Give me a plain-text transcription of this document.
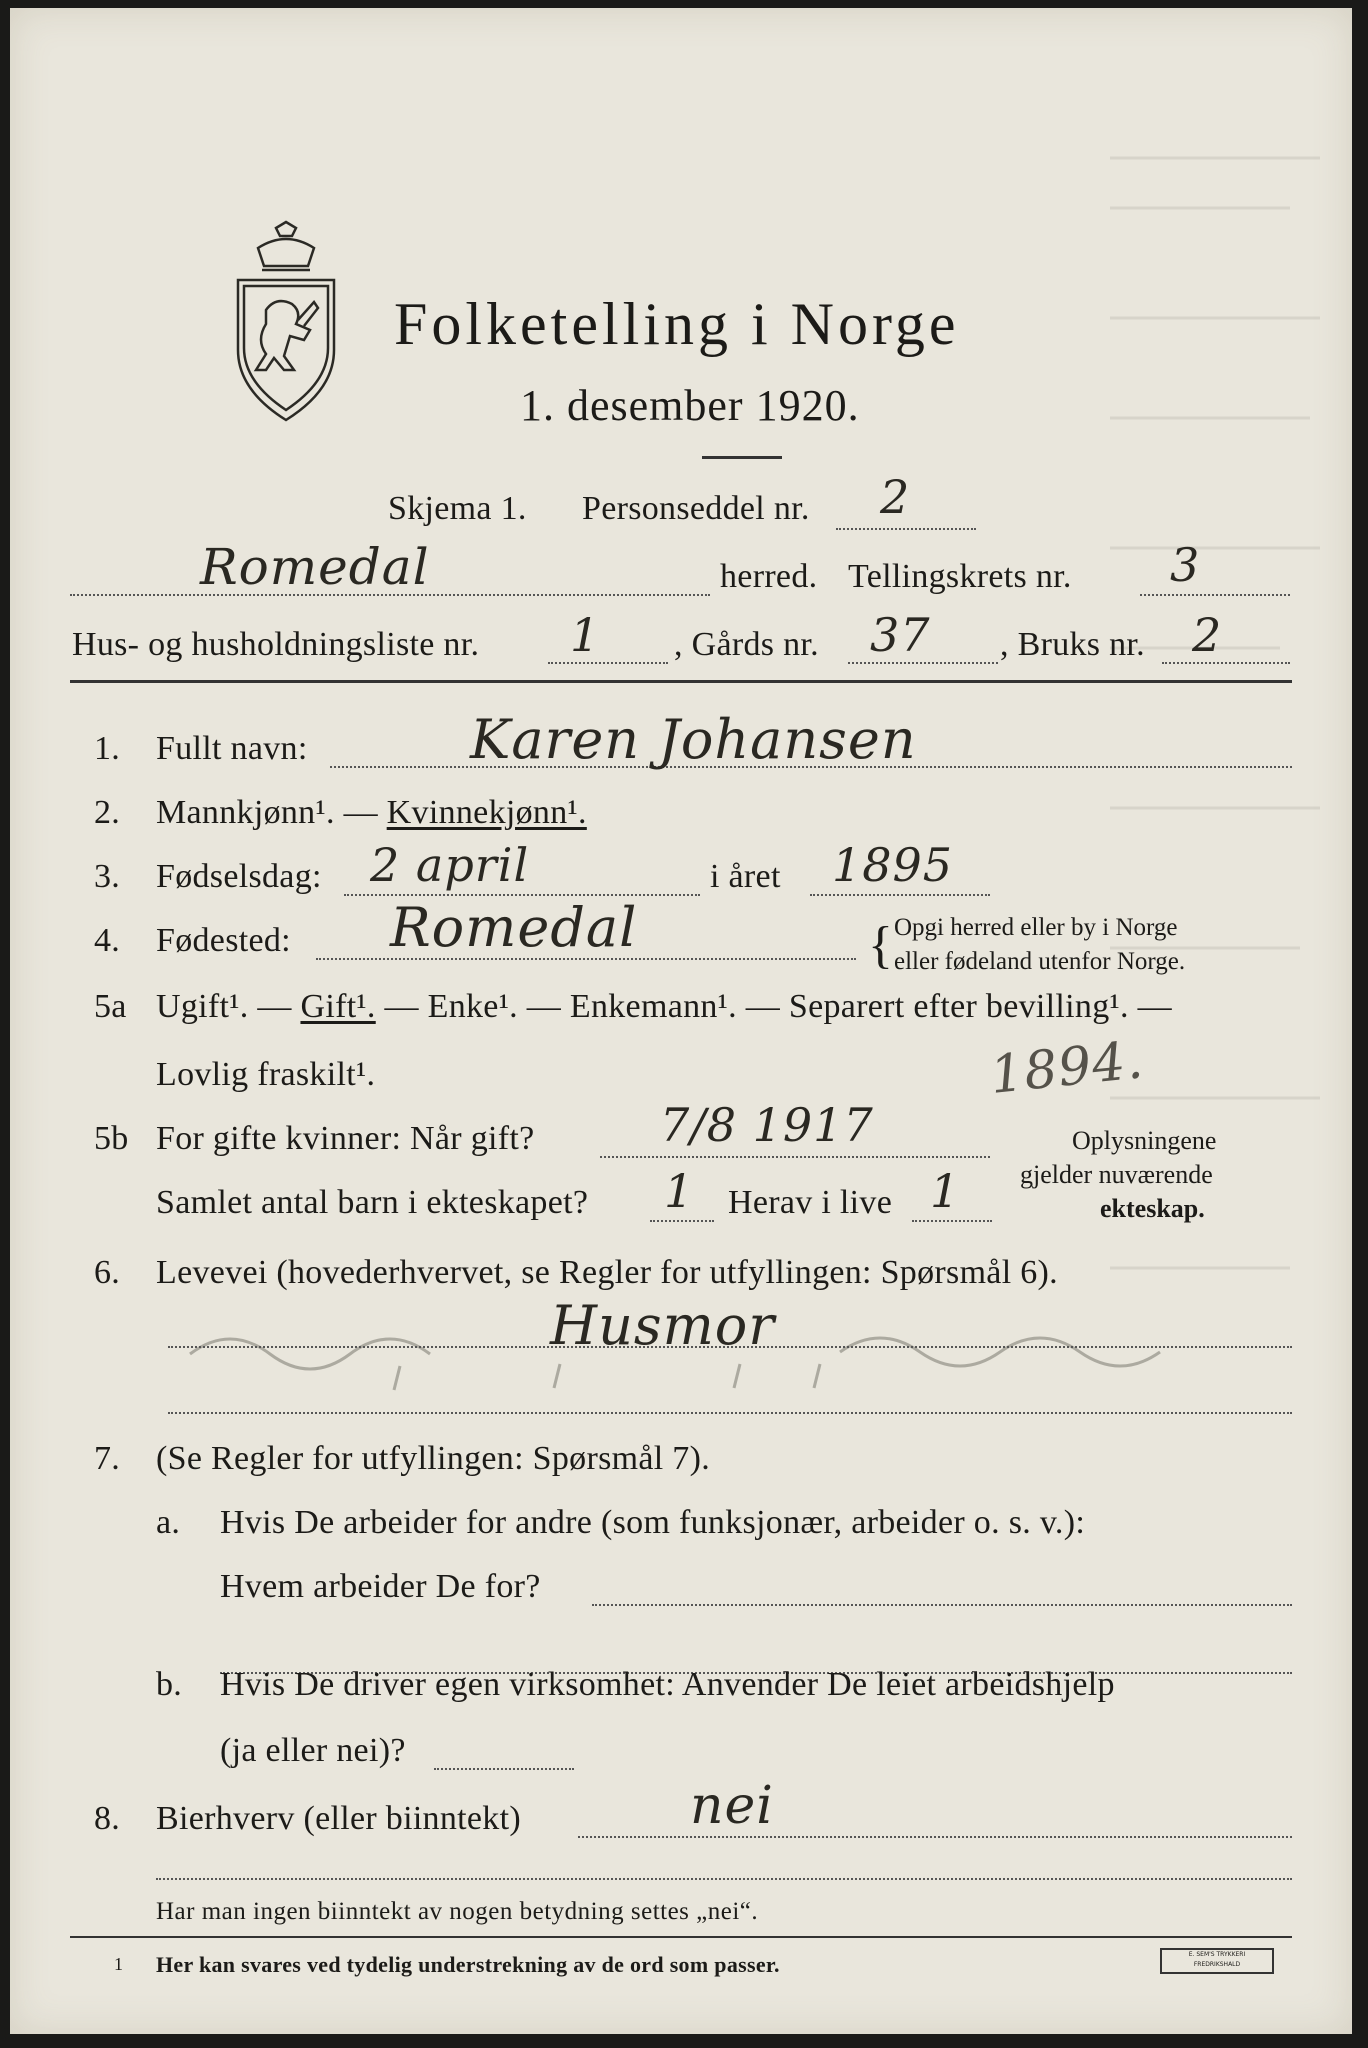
Folketelling i Norge
1. desember 1920.
Skjema 1. Personseddel nr. 2
Romedal	herred. Tellingskrets nr. 3
Hus- og husholdningsliste nr. 1 , Gårds nr. 37 , Bruks nr. 2
1. Fullt navn:	Karen Johansen
2. Mannkjønn¹. — Kvinnekjønn¹.
3. Fødselsdag: 2 april	i året 1895
4. Fødested: Romedal	{ Opgi herred eller by i Norge
eller fødeland utenfor Norge.
5a Ugift¹. — Gift¹. — Enke¹. — Enkemann¹. — Separert efter bevilling¹. —
Lovlig fraskilt¹.	1894.
5b For gifte kvinner: Når gift?	7/8 1917
Samlet antal barn i ekteskapet? 1 Herav i live 1
Oplysningene
gjelder nuværende
ekteskap.
6. Levevei (hovederhvervet, se Regler for utfyllingen: Spørsmål 6).
Husmor
7. (Se Regler for utfyllingen: Spørsmål 7).
a. Hvis De arbeider for andre (som funksjonær, arbeider o. s. v.):
Hvem arbeider De for?
b. Hvis De driver egen virksomhet: Anvender De leiet arbeidshjelp
(ja eller nei)?
8. Bierhverv (eller biinntekt)	nei
Har man ingen biinntekt av nogen betydning settes „nei“.
1 Her kan svares ved tydelig understrekning av de ord som passer.	E. SEM'S TRYKKERI
FREDRIKSHALD
